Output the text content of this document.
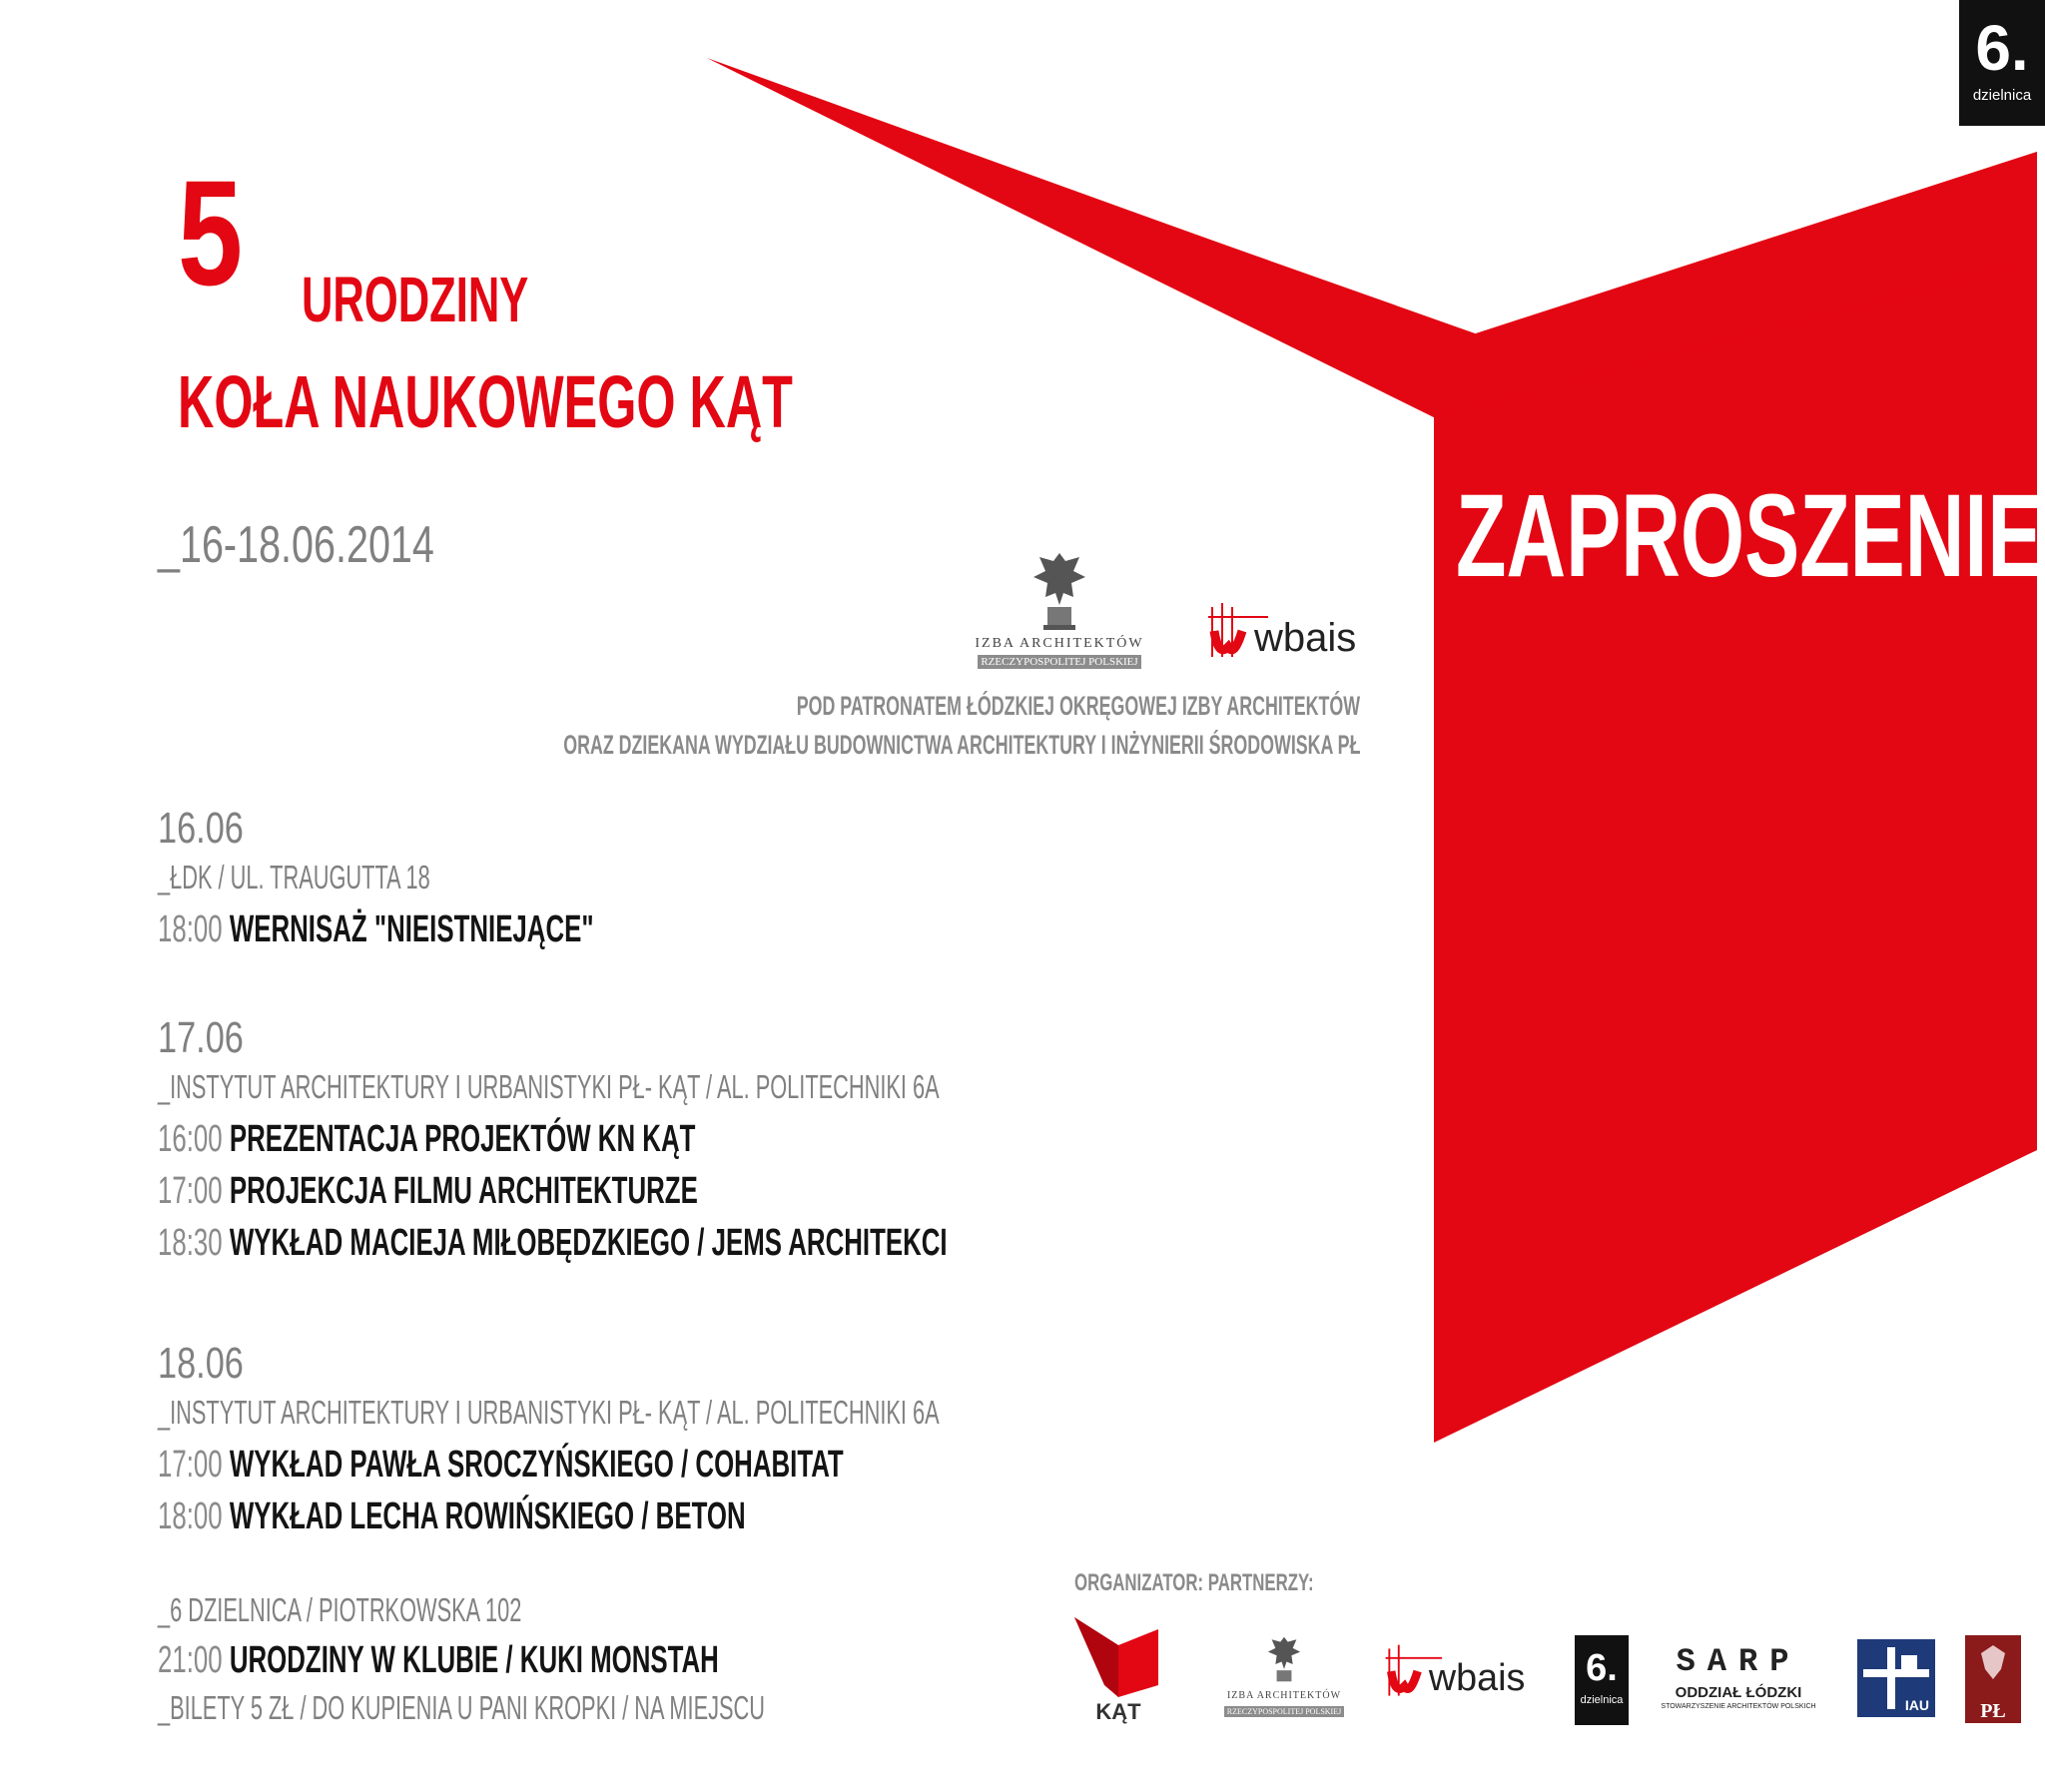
6.
dzielnica
5 URODZINY
KOŁA NAUKOWEGO KĄT
_16-18.06.2014	ZAPROSZENIE
IZBA ARCHITEKTÓW
RZECZYPOSPOLITEJ POLSKIEJ
wbais
POD PATRONATEM ŁÓDZKIEJ OKRĘGOWEJ IZBY ARCHITEKTÓW
ORAZ DZIEKANA WYDZIAŁU BUDOWNICTWA ARCHITEKTURY I INŻYNIERII ŚRODOWISKA PŁ
16.06
_ŁDK / UL. TRAUGUTTA 18
18:00 WERNISAŻ "NIEISTNIEJĄCE"
17.06
_INSTYTUT ARCHITEKTURY I URBANISTYKI PŁ- KĄT / AL. POLITECHNIKI 6A
16:00 PREZENTACJA PROJEKTÓW KN KĄT
17:00 PROJEKCJA FILMU ARCHITEKTURZE
18:30 WYKŁAD MACIEJA MIŁOBĘDZKIEGO / JEMS ARCHITEKCI
18.06
_INSTYTUT ARCHITEKTURY I URBANISTYKI PŁ- KĄT / AL. POLITECHNIKI 6A
17:00 WYKŁAD PAWŁA SROCZYŃSKIEGO / COHABITAT
18:00 WYKŁAD LECHA ROWIŃSKIEGO / BETON
_6 DZIELNICA / PIOTRKOWSKA 102
21:00 URODZINY W KLUBIE / KUKI MONSTAH
_BILETY 5 ZŁ / DO KUPIENIA U PANI KROPKI / NA MIEJSCU
ORGANIZATOR: PARTNERZY:
KĄT
IZBA ARCHITEKTÓW
RZECZYPOSPOLITEJ POLSKIEJ
wbais 6.
dzielnica
SARP
ODDZIAŁ ŁÓDZKI
STOWARZYSZENIE ARCHITEKTÓW POLSKICH	IAU	PŁ
